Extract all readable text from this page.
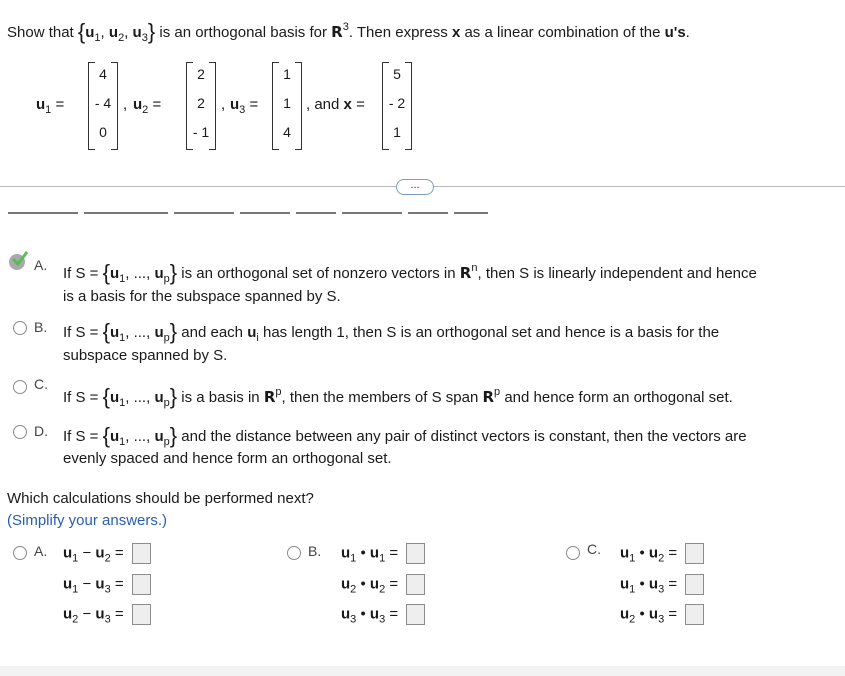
Show that {$u_1$, $u_2$, $u_3$} is an orthogonal basis for $R^3$. Then express x as a linear combination of the u's.
$u_1$ =
4
- 4
0
, $u_2$ =
2
2
- 1
, $u_3$ =
1
1
4
, and x =
5
- 2
1
...
A. If $S = \{u_1$, ..., $u_p$} is an orthogonal set of nonzero vectors in $R^n$, then S is linearly independent and hence
is a basis for the subspace spanned by S.
B. If $S = \{u_1$, ..., $u_p$} and each $u_i$ has length 1, then S is an orthogonal set and hence is a basis for the
subspace spanned by S.
C.
If $S = \{u_1$, ..., $u_p$} is a basis in $R^p$, then the members of S span $R^p$ and hence form an orthogonal set.
D. If $S = \{u_1$, ..., $u_p$} and the distance between any pair of distinct vectors is constant, then the vectors are
evenly spaced and hence form an orthogonal set.
Which calculations should be performed next?
(Simplify your answers.)
A. $u_1 - u_2$ =
$u_1 - u_3$ =
$u_2 - u_3$ =
B. $u_1$ • $u_1$ =
$u_2$ • $u_2$ =
$u_3$ • $u_3$ =
C. $u_1$ • $u_2$ =
$u_1$ • $u_3$ =
$u_2$ • $u_3$ =
